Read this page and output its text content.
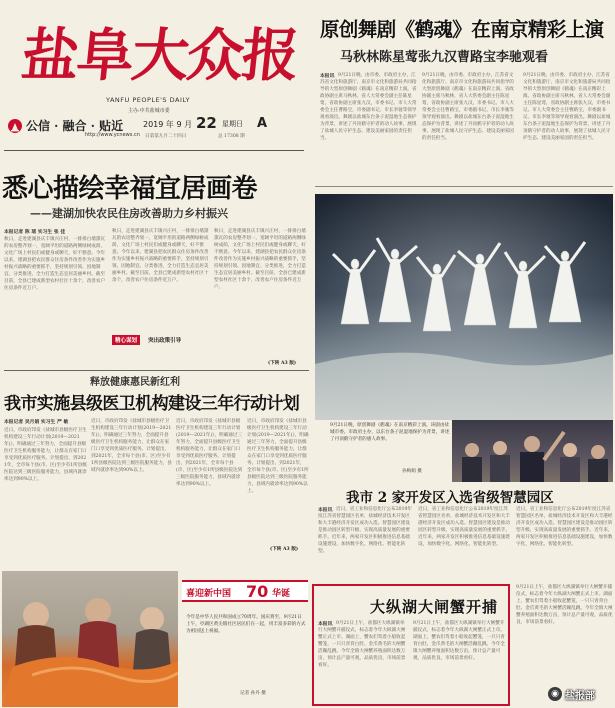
盐阜大众报
YANFU PEOPLE'S DAILY
主办:中共盐城市委
公信 · 融合 · 贴近
http://www.ycnews.cn
2019 年 9 月 22 星期日	A
日第第九月二十四日	总 17308 期
原创舞剧《鹤魂》在南京精彩上演
马秋林陈星莺张九汉曹路宝李驰观看
本报讯 9月21日晚，由市委、市政府主办，江苏省文化和旅游厅、南京市文化和旅游局共同指导的大型原创舞剧《鹤魂》在南京精彩上演。省政协副主席马秋林，省人大常委会副主任陈星莺，省政协副主席张九汉，市委书记、市人大常委会主任曹路宝，市委副书记、市长李驰等领导观看演出。舞剧以盐城东台条子泥湿地生态保护为背景，讲述了丹顶鹤守护者的动人故事，展现了盐城人民守护生态、建设美丽家园的责任担当。
9月21日晚，由市委、市政府主办，江苏省文化和旅游厅、南京市文化和旅游局共同指导的大型原创舞剧《鹤魂》在南京精彩上演。省政协副主席马秋林，省人大常委会副主任陈星莺，省政协副主席张九汉，市委书记、市人大常委会主任曹路宝，市委副书记、市长李驰等领导观看演出。舞剧以盐城东台条子泥湿地生态保护为背景，讲述了丹顶鹤守护者的动人故事，展现了盐城人民守护生态、建设美丽家园的责任担当。
9月21日晚，由市委、市政府主办，江苏省文化和旅游厅、南京市文化和旅游局共同指导的大型原创舞剧《鹤魂》在南京精彩上演。省政协副主席马秋林，省人大常委会副主任陈星莺，省政协副主席张九汉，市委书记、市人大常委会主任曹路宝，市委副书记、市长李驰等领导观看演出。舞剧以盐城东台条子泥湿地生态保护为背景，讲述了丹顶鹤守护者的动人故事，展现了盐城人民守护生态、建设美丽家园的责任担当。
悉心描绘幸福宜居画卷
——建湖加快农民住房改善助力乡村振兴
本报记者 陈 瑶 实习生 张 佳
秋日，走进建湖县庆丰镇兴庄村，一排排白墙黛瓦的农房整齐划一，宽阔平坦的道路两侧绿树成荫，文化广场上村民们或健身或聊天，好不惬意。今年以来，建湖县把农民群众住房条件改善作为实施乡村振兴战略的重要抓手，坚持规划引领、因地制宜、分类推进，全力打造生态宜居美丽乡村。截至目前，全县已建成新型农村社区十余个，改善农户住房条件近万户。
秋日，走进建湖县庆丰镇兴庄村，一排排白墙黛瓦的农房整齐划一，宽阔平坦的道路两侧绿树成荫，文化广场上村民们或健身或聊天，好不惬意。今年以来，建湖县把农民群众住房条件改善作为实施乡村振兴战略的重要抓手，坚持规划引领、因地制宜、分类推进，全力打造生态宜居美丽乡村。截至目前，全县已建成新型农村社区十余个，改善农户住房条件近万户。
秋日，走进建湖县庆丰镇兴庄村，一排排白墙黛瓦的农房整齐划一，宽阔平坦的道路两侧绿树成荫，文化广场上村民们或健身或聊天，好不惬意。今年以来，建湖县把农民群众住房条件改善作为实施乡村振兴战略的重要抓手，坚持规划引领、因地制宜、分类推进，全力打造生态宜居美丽乡村。截至目前，全县已建成新型农村社区十余个，改善农户住房条件近万户。
精心谋划 突出政策引导
(下转 A3 版)
释放健康惠民新红利
我市实施县级医卫机构建设三年行动计划
本报记者 吴月娟 实习生 严 敏
近日，市政府印发《盐城市县级医疗卫生机构建设三年行动计划(2019—2021年)》，明确通过三年努力，全面提升县级医疗卫生机构服务能力，让群众在家门口享受到优质医疗服务。计划提出，到2021年，全市每个县(市、区)至少有1所县级医院达到三级医院服务能力，县域内就诊率达到90%以上。
近日，市政府印发《盐城市县级医疗卫生机构建设三年行动计划(2019—2021年)》，明确通过三年努力，全面提升县级医疗卫生机构服务能力，让群众在家门口享受到优质医疗服务。计划提出，到2021年，全市每个县(市、区)至少有1所县级医院达到三级医院服务能力，县域内就诊率达到90%以上。
近日，市政府印发《盐城市县级医疗卫生机构建设三年行动计划(2019—2021年)》，明确通过三年努力，全面提升县级医疗卫生机构服务能力，让群众在家门口享受到优质医疗服务。计划提出，到2021年，全市每个县(市、区)至少有1所县级医院达到三级医院服务能力，县域内就诊率达到90%以上。
近日，市政府印发《盐城市县级医疗卫生机构建设三年行动计划(2019—2021年)》，明确通过三年努力，全面提升县级医疗卫生机构服务能力，让群众在家门口享受到优质医疗服务。计划提出，到2021年，全市每个县(市、区)至少有1所县级医院达到三级医院服务能力，县域内就诊率达到90%以上。
(下转 A3 版)
9月21日晚，原创舞剧《鹤魂》在南京精彩上演。该剧由盐城市委、市政府主办，以东台条子泥湿地保护为背景，讲述了丹顶鹤守护者的感人故事。
孙梅娟 摄
我市 2 家开发区入选省级智慧园区
本报讯 近日，省工业和信息化厅公布2019年度江苏省智慧园区名单，盐城经济技术开发区和大丰港经济开发区成功入选。智慧园区建设是推动园区转型升级、实现高质量发展的重要抓手。近年来，两家开发区积极推进信息基础设施建设，加快数字化、网络化、智能化转型。
近日，省工业和信息化厅公布2019年度江苏省智慧园区名单，盐城经济技术开发区和大丰港经济开发区成功入选。智慧园区建设是推动园区转型升级、实现高质量发展的重要抓手。近年来，两家开发区积极推进信息基础设施建设，加快数字化、网络化、智能化转型。
近日，省工业和信息化厅公布2019年度江苏省智慧园区名单，盐城经济技术开发区和大丰港经济开发区成功入选。智慧园区建设是推动园区转型升级、实现高质量发展的重要抓手。近年来，两家开发区积极推进信息基础设施建设，加快数字化、网络化、智能化转型。
大纵湖大闸蟹开捕
本报讯 9月21日上午，盐都区大纵湖镇举行大闸蟹开捕仪式，标志着今年大纵湖大闸蟹正式上市。湖面上，蟹农们驾着小船收起蟹笼，一只只青背白肚、金爪黄毛的大闸蟹活蹦乱跳。今年全镇大闸蟹养殖面积达数万亩，预计总产量可观，品质优良，市场前景看好。
9月21日上午，盐都区大纵湖镇举行大闸蟹开捕仪式，标志着今年大纵湖大闸蟹正式上市。湖面上，蟹农们驾着小船收起蟹笼，一只只青背白肚、金爪黄毛的大闸蟹活蹦乱跳。今年全镇大闸蟹养殖面积达数万亩，预计总产量可观，品质优良，市场前景看好。
9月21日上午，盐都区大纵湖镇举行大闸蟹开捕仪式，标志着今年大纵湖大闸蟹正式上市。湖面上，蟹农们驾着小船收起蟹笼，一只只青背白肚、金爪黄毛的大闸蟹活蹦乱跳。今年全镇大闸蟹养殖面积达数万亩，预计总产量可观，品质优良，市场前景看好。
喜迎新中国 70 华诞
今年是中华人民共和国成立70周年。国庆将至，9月21日上午，亭湖区黄尖镇社区居民们在一起，用丰富多彩的方式为祖国送上祝福。
记者 孙丹 摄	◉ 盐报部
